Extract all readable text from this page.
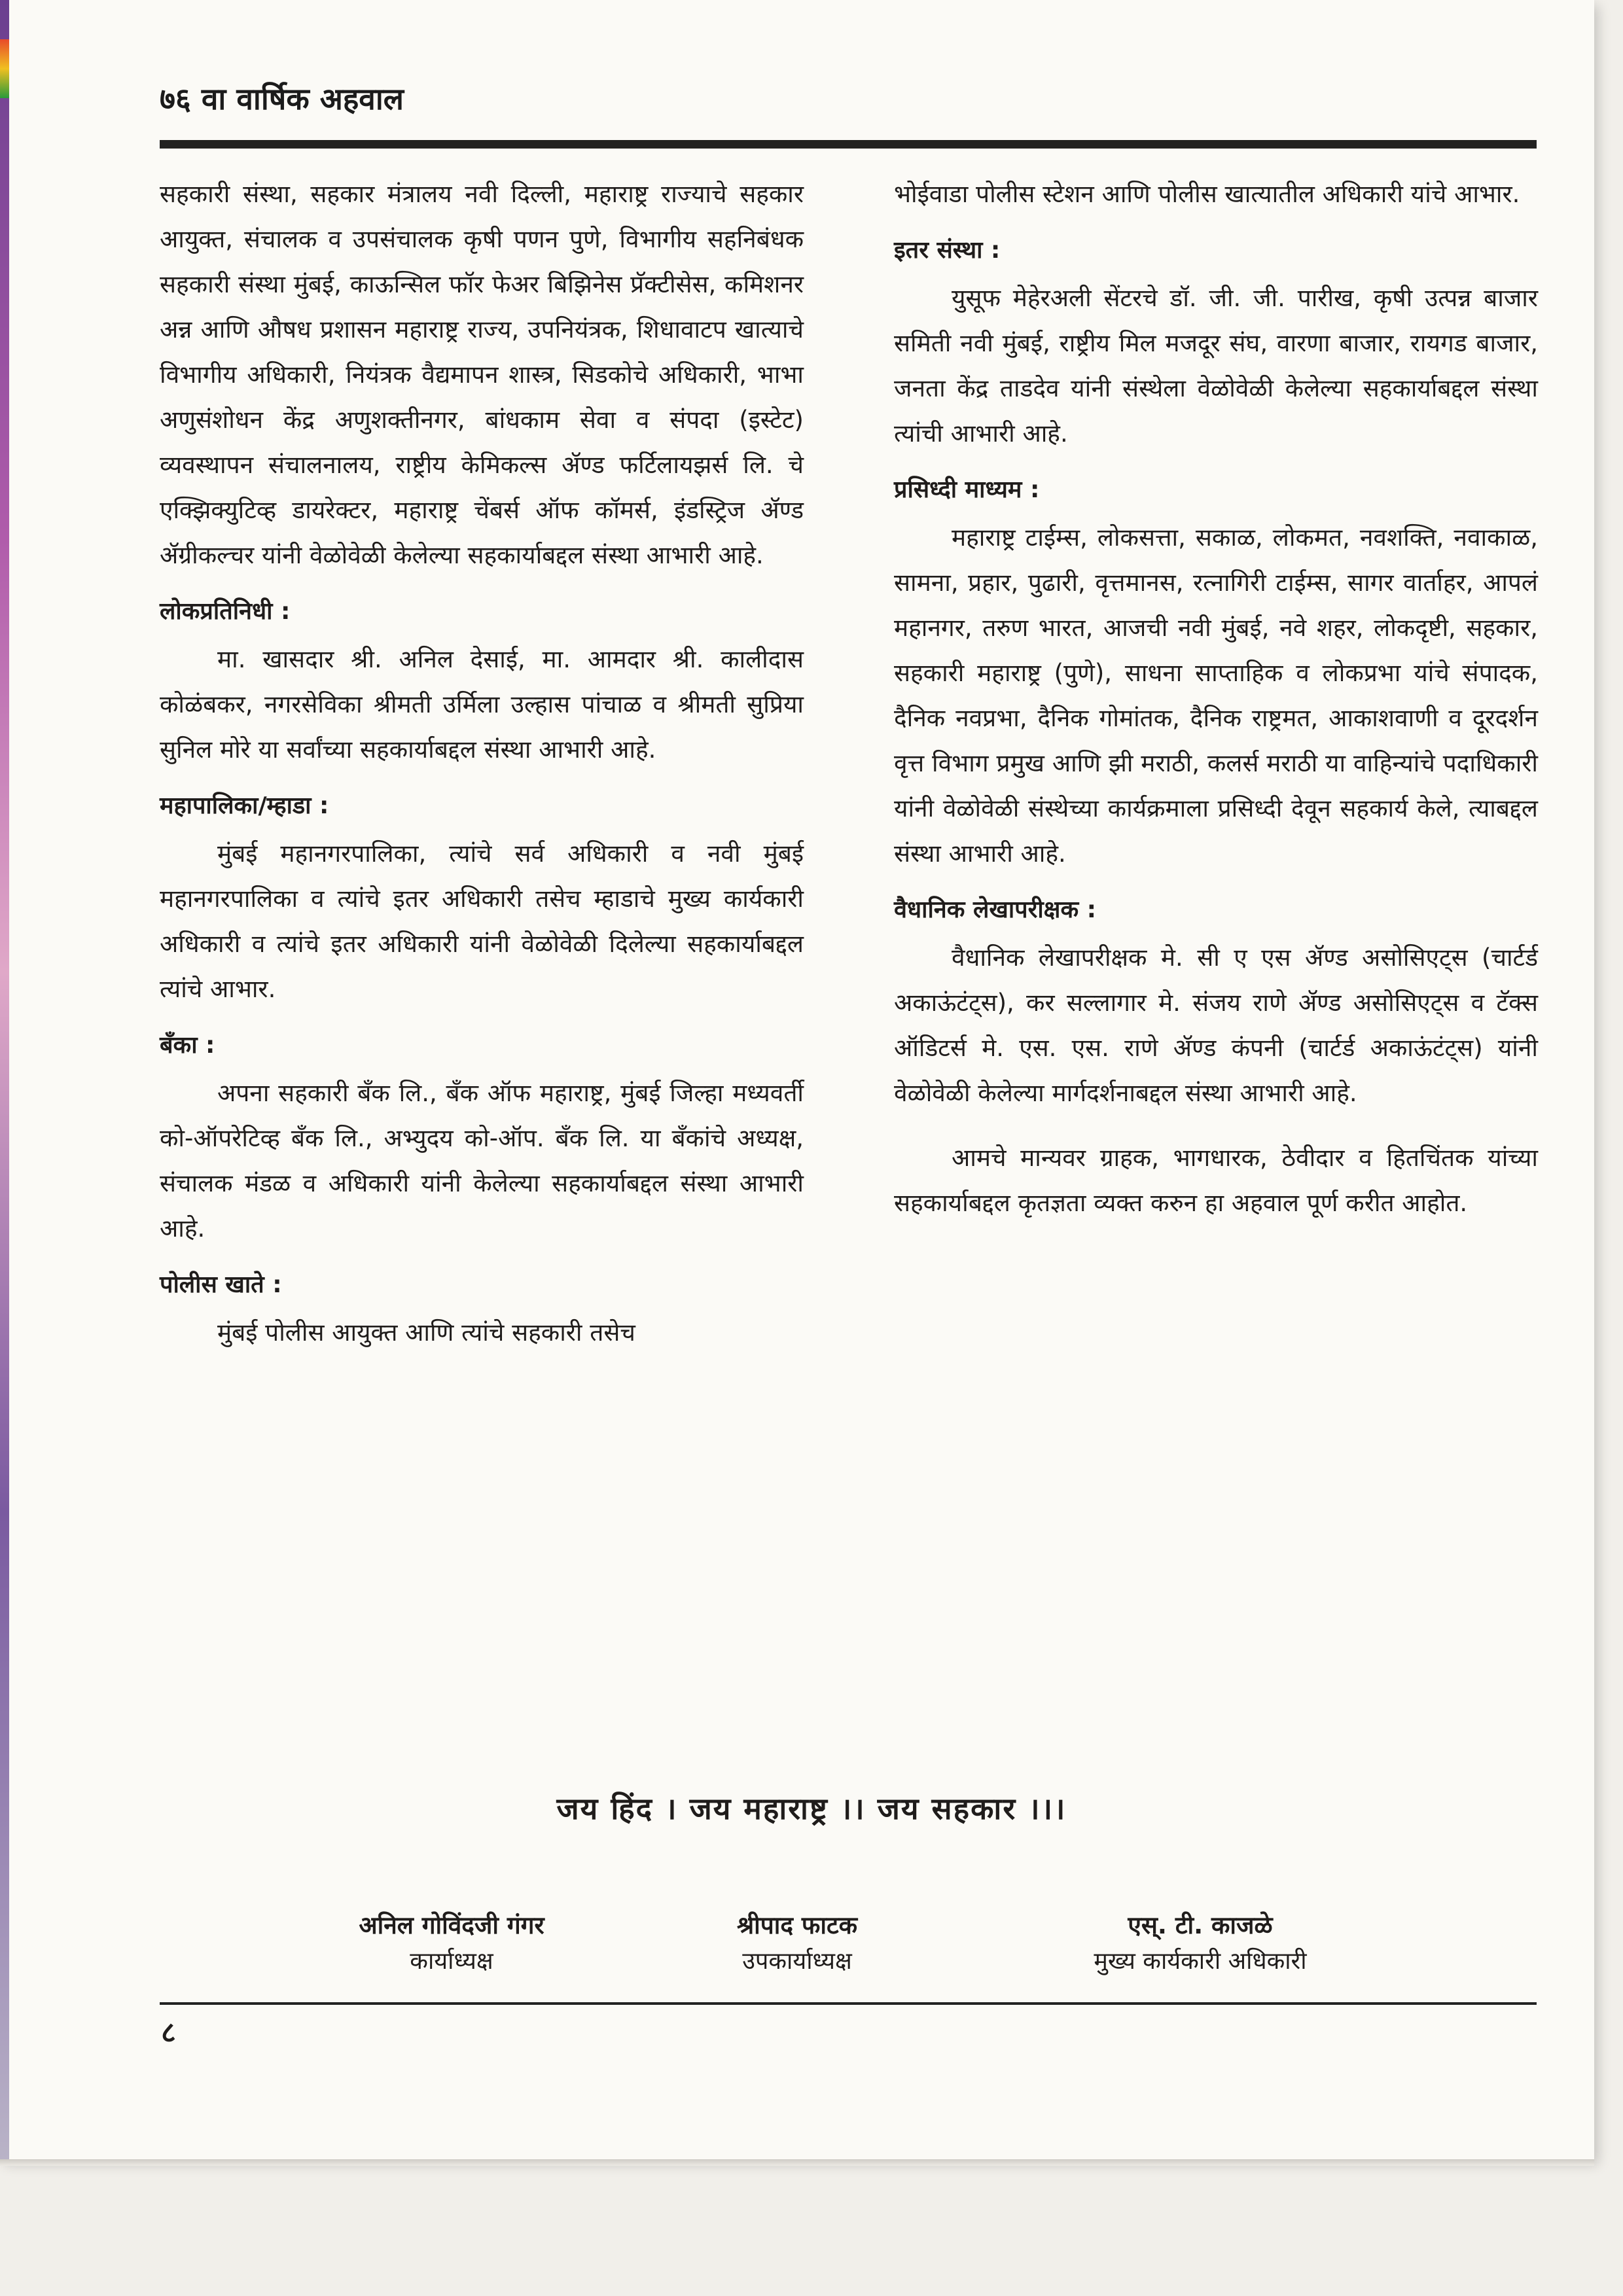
७६ वा वार्षिक अहवाल

सहकारी संस्था, सहकार मंत्रालय नवी दिल्ली, महाराष्ट्र राज्याचे सहकार आयुक्त, संचालक व उपसंचालक कृषी पणन पुणे, विभागीय सहनिबंधक सहकारी संस्था मुंबई, काऊन्सिल फॉर फेअर बिझिनेस प्रॅक्टीसेस, कमिशनर अन्न आणि औषध प्रशासन महाराष्ट्र राज्य, उपनियंत्रक, शिधावाटप खात्याचे विभागीय अधिकारी, नियंत्रक वैद्यमापन शास्त्र, सिडकोचे अधिकारी, भाभा अणुसंशोधन केंद्र अणुशक्तीनगर, बांधकाम सेवा व संपदा (इस्टेट) व्यवस्थापन संचालनालय, राष्ट्रीय केमिकल्स ॲण्ड फर्टिलायझर्स लि. चे एक्झिक्युटिव्ह डायरेक्टर, महाराष्ट्र चेंबर्स ऑफ कॉमर्स, इंडस्ट्रिज ॲण्ड ॲग्रीकल्चर यांनी वेळोवेळी केलेल्या सहकार्याबद्दल संस्था आभारी आहे.

लोकप्रतिनिधी :

मा. खासदार श्री. अनिल देसाई, मा. आमदार श्री. कालीदास कोळंबकर, नगरसेविका श्रीमती उर्मिला उल्हास पांचाळ व श्रीमती सुप्रिया सुनिल मोरे या सर्वांच्या सहकार्याबद्दल संस्था आभारी आहे.

महापालिका/म्हाडा :

मुंबई महानगरपालिका, त्यांचे सर्व अधिकारी व नवी मुंबई महानगरपालिका व त्यांचे इतर अधिकारी तसेच म्हाडाचे मुख्य कार्यकारी अधिकारी व त्यांचे इतर अधिकारी यांनी वेळोवेळी दिलेल्या सहकार्याबद्दल त्यांचे आभार.

बँका :

अपना सहकारी बँक लि., बँक ऑफ महाराष्ट्र, मुंबई जिल्हा मध्यवर्ती को-ऑपरेटिव्ह बँक लि., अभ्युदय को-ऑप. बँक लि. या बँकांचे अध्यक्ष, संचालक मंडळ व अधिकारी यांनी केलेल्या सहकार्याबद्दल संस्था आभारी आहे.

पोलीस खाते :

मुंबई पोलीस आयुक्त आणि त्यांचे सहकारी तसेच

भोईवाडा पोलीस स्टेशन आणि पोलीस खात्यातील अधिकारी यांचे आभार.

इतर संस्था :

युसूफ मेहेरअली सेंटरचे डॉ. जी. जी. पारीख, कृषी उत्पन्न बाजार समिती नवी मुंबई, राष्ट्रीय मिल मजदूर संघ, वारणा बाजार, रायगड बाजार, जनता केंद्र ताडदेव यांनी संस्थेला वेळोवेळी केलेल्या सहकार्याबद्दल संस्था त्यांची आभारी आहे.

प्रसिध्दी माध्यम :

महाराष्ट्र टाईम्स, लोकसत्ता, सकाळ, लोकमत, नवशक्ति, नवाकाळ, सामना, प्रहार, पुढारी, वृत्तमानस, रत्नागिरी टाईम्स, सागर वार्ताहर, आपलं महानगर, तरुण भारत, आजची नवी मुंबई, नवे शहर, लोकदृष्टी, सहकार, सहकारी महाराष्ट्र (पुणे), साधना साप्ताहिक व लोकप्रभा यांचे संपादक, दैनिक नवप्रभा, दैनिक गोमांतक, दैनिक राष्ट्रमत, आकाशवाणी व दूरदर्शन वृत्त विभाग प्रमुख आणि झी मराठी, कलर्स मराठी या वाहिन्यांचे पदाधिकारी यांनी वेळोवेळी संस्थेच्या कार्यक्रमाला प्रसिध्दी देवून सहकार्य केले, त्याबद्दल संस्था आभारी आहे.

वैधानिक लेखापरीक्षक :

वैधानिक लेखापरीक्षक मे. सी ए एस ॲण्ड असोसिएट्स (चार्टर्ड अकाऊंटंट्स), कर सल्लागार मे. संजय राणे ॲण्ड असोसिएट्स व टॅक्स ऑडिटर्स मे. एस. एस. राणे ॲण्ड कंपनी (चार्टर्ड अकाऊंटंट्स) यांनी वेळोवेळी केलेल्या मार्गदर्शनाबद्दल संस्था आभारी आहे.

आमचे मान्यवर ग्राहक, भागधारक, ठेवीदार व हितचिंतक यांच्या सहकार्याबद्दल कृतज्ञता व्यक्त करुन हा अहवाल पूर्ण करीत आहोत.

जय हिंद । जय महाराष्ट्र ।। जय सहकार ।।।
अनिल गोविंदजी गंगर
कार्याध्यक्ष
श्रीपाद फाटक
उपकार्याध्यक्ष
एस्. टी. काजळे
मुख्य कार्यकारी अधिकारी
८
